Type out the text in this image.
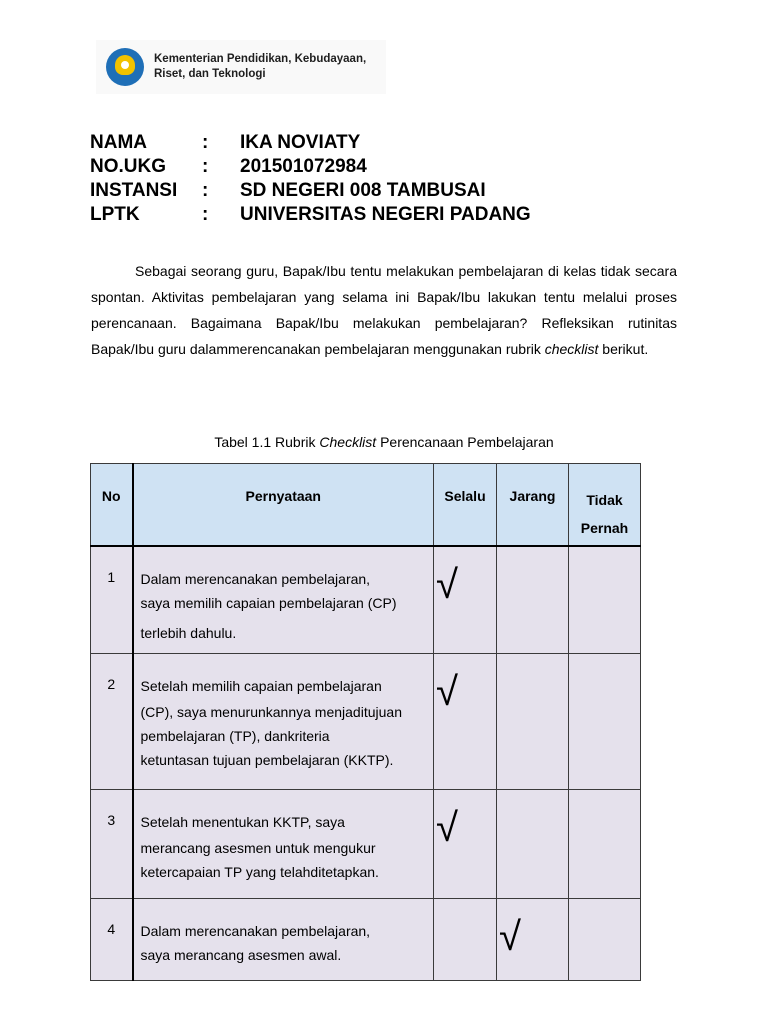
Kementerian Pendidikan, Kebudayaan,
Riset, dan Teknologi
NAMA	:	IKA NOVIATY
NO.UKG	:	201501072984
INSTANSI	:	SD NEGERI 008 TAMBUSAI
LPTK	:	UNIVERSITAS NEGERI PADANG

Sebagai seorang guru, Bapak/Ibu tentu melakukan pembelajaran di kelas tidak secara spontan. Aktivitas pembelajaran yang selama ini Bapak/Ibu lakukan tentu melalui proses perencanaan. Bagaimana Bapak/Ibu melakukan pembelajaran? Refleksikan rutinitas Bapak/Ibu guru dalammerencanakan pembelajaran menggunakan rubrik checklist berikut.

Tabel 1.1 Rubrik Checklist Perencanaan Pembelajaran
No	Pernyataan	Selalu	Jarang	Tidak
Pernah

1	Dalam merencanakan pembelajaran,
saya memilih capaian pembelajaran (CP)
terlebih dahulu.	√		

2	Setelah memilih capaian pembelajaran
(CP), saya menurunkannya menjaditujuan
pembelajaran (TP), dankriteria
ketuntasan tujuan pembelajaran (KKTP).	√		

3	Setelah menentukan KKTP, saya
merancang asesmen untuk mengukur
ketercapaian TP yang telahditetapkan.	√		

4	Dalam merencanakan pembelajaran,
saya merancang asesmen awal.		√	
